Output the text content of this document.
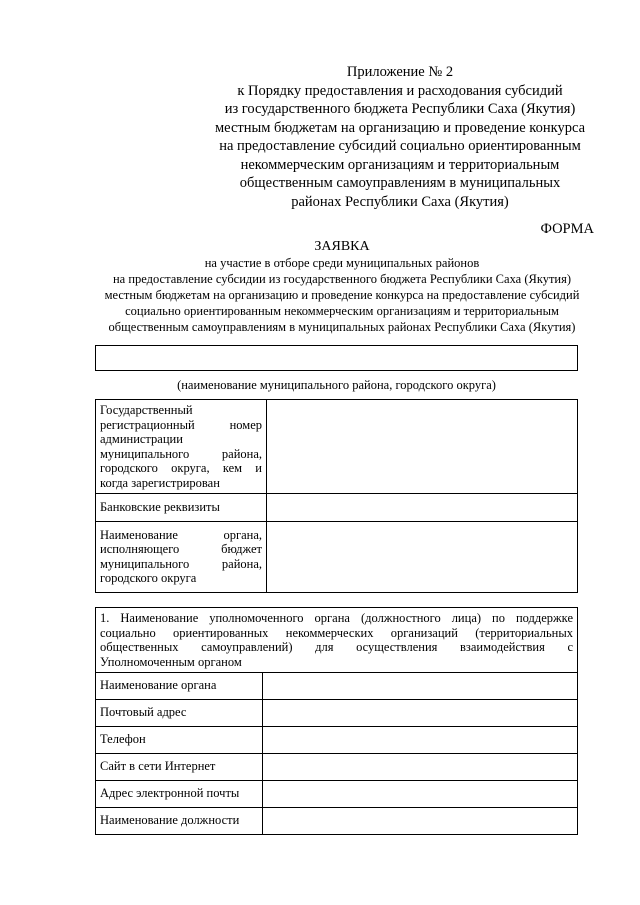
Приложение № 2
к Порядку предоставления и расходования субсидий
из государственного бюджета Республики Саха (Якутия)
местным бюджетам на организацию и проведение конкурса
на предоставление субсидий социально ориентированным
некоммерческим организациям и территориальным
общественным самоуправлениям в муниципальных
районах Республики Саха (Якутия)
ФОРМА
ЗАЯВКА
на участие в отборе среди муниципальных районов
на предоставление субсидии из государственного бюджета Республики Саха (Якутия)
местным бюджетам на организацию и проведение конкурса на предоставление субсидий
социально ориентированным некоммерческим организациям и территориальным
общественным самоуправлениям в муниципальных районах Республики Саха (Якутия)
(наименование муниципального района, городского округа)
Государственный регистрационный номер администрации муниципального района, городского округа, кем и когда зарегистрирован	
Банковские реквизиты	
Наименование органа, исполняющего бюджет муниципального района, городского округа	
1. Наименование уполномоченного органа (должностного лица) по поддержке социально ориентированных некоммерческих организаций (территориальных общественных самоуправлений) для осуществления взаимодействия с Уполномоченным органом	
Наименование органа	
Почтовый адрес	
Телефон	
Сайт в сети Интернет	
Адрес электронной почты	
Наименование должности	
